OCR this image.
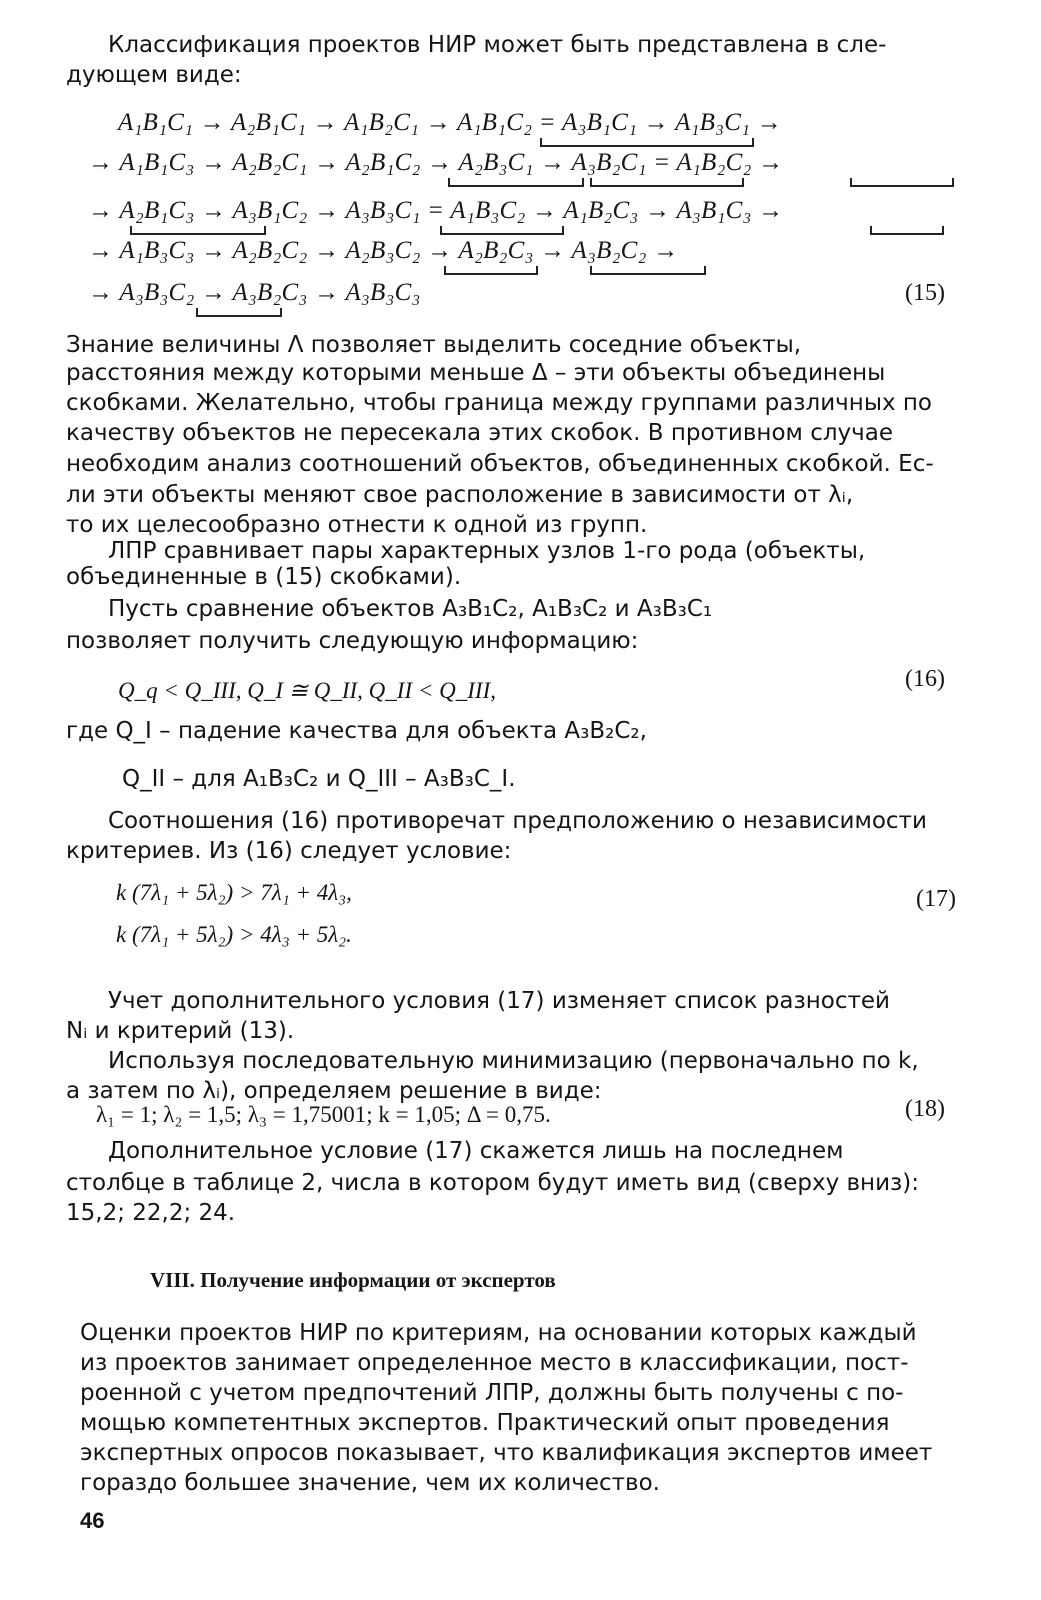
Классификация проектов НИР может быть представлена в сле-
дующем виде:
A₁B₁C₁ → A₂B₁C₁ → A₁B₂C₁ → A₁B₁C₂ = A₃B₁C₁ → A₁B₃C₁ →
→ A₁B₁C₃ → A₂B₂C₁ → A₂B₁C₂ → A₂B₃C₁ → A₃B₂C₁ = A₁B₂C₂ →
→ A₂B₁C₃ → A₃B₁C₂ → A₃B₃C₁ = A₁B₃C₂ → A₁B₂C₃ → A₃B₁C₃ →
→ A₁B₃C₃ → A₂B₂C₂ → A₂B₃C₂ → A₂B₂C₃ → A₃B₂C₂ →
→ A₃B₃C₂ → A₃B₂C₃ → A₃B₃C₃	(15)
Знание величины Λ позволяет выделить соседние объекты,
расстояния между которыми меньше Δ – эти объекты объединены
скобками. Желательно, чтобы граница между группами различных по
качеству объектов не пересекала этих скобок. В противном случае
необходим анализ соотношений объектов, объединенных скобкой. Ес-
ли эти объекты меняют свое расположение в зависимости от λᵢ,
то их целесообразно отнести к одной из групп.
ЛПР сравнивает пары характерных узлов 1-го рода (объекты,
объединенные в (15) скобками).
Пусть сравнение объектов A₃B₁C₂, A₁B₃C₂ и A₃B₃C₁
позволяет получить следующую информацию:
Q_q < Q_III, Q_I ≅ Q_II, Q_II < Q_III,	(16)
где Q_I – падение качества для объекта A₃B₂C₂,
Q_II – для A₁B₃C₂ и Q_III – A₃B₃C_I.
Соотношения (16) противоречат предположению о независимости
критериев. Из (16) следует условие:
k (7λ₁ + 5λ₂) > 7λ₁ + 4λ₃,
k (7λ₁ + 5λ₂) > 4λ₃ + 5λ₂.
(17)
Учет дополнительного условия (17) изменяет список разностей
Nᵢ и критерий (13).
Используя последовательную минимизацию (первоначально по k,
а затем по λᵢ), определяем решение в виде:
λ₁ = 1; λ₂ = 1,5; λ₃ = 1,75001; k = 1,05; Δ = 0,75.	(18)
Дополнительное условие (17) скажется лишь на последнем
столбце в таблице 2, числа в котором будут иметь вид (сверху вниз):
15,2; 22,2; 24.
VIII. Получение информации от экспертов
Оценки проектов НИР по критериям, на основании которых каждый
из проектов занимает определенное место в классификации, пост-
роенной с учетом предпочтений ЛПР, должны быть получены с по-
мощью компетентных экспертов. Практический опыт проведения
экспертных опросов показывает, что квалификация экспертов имеет
гораздо большее значение, чем их количество.
46
